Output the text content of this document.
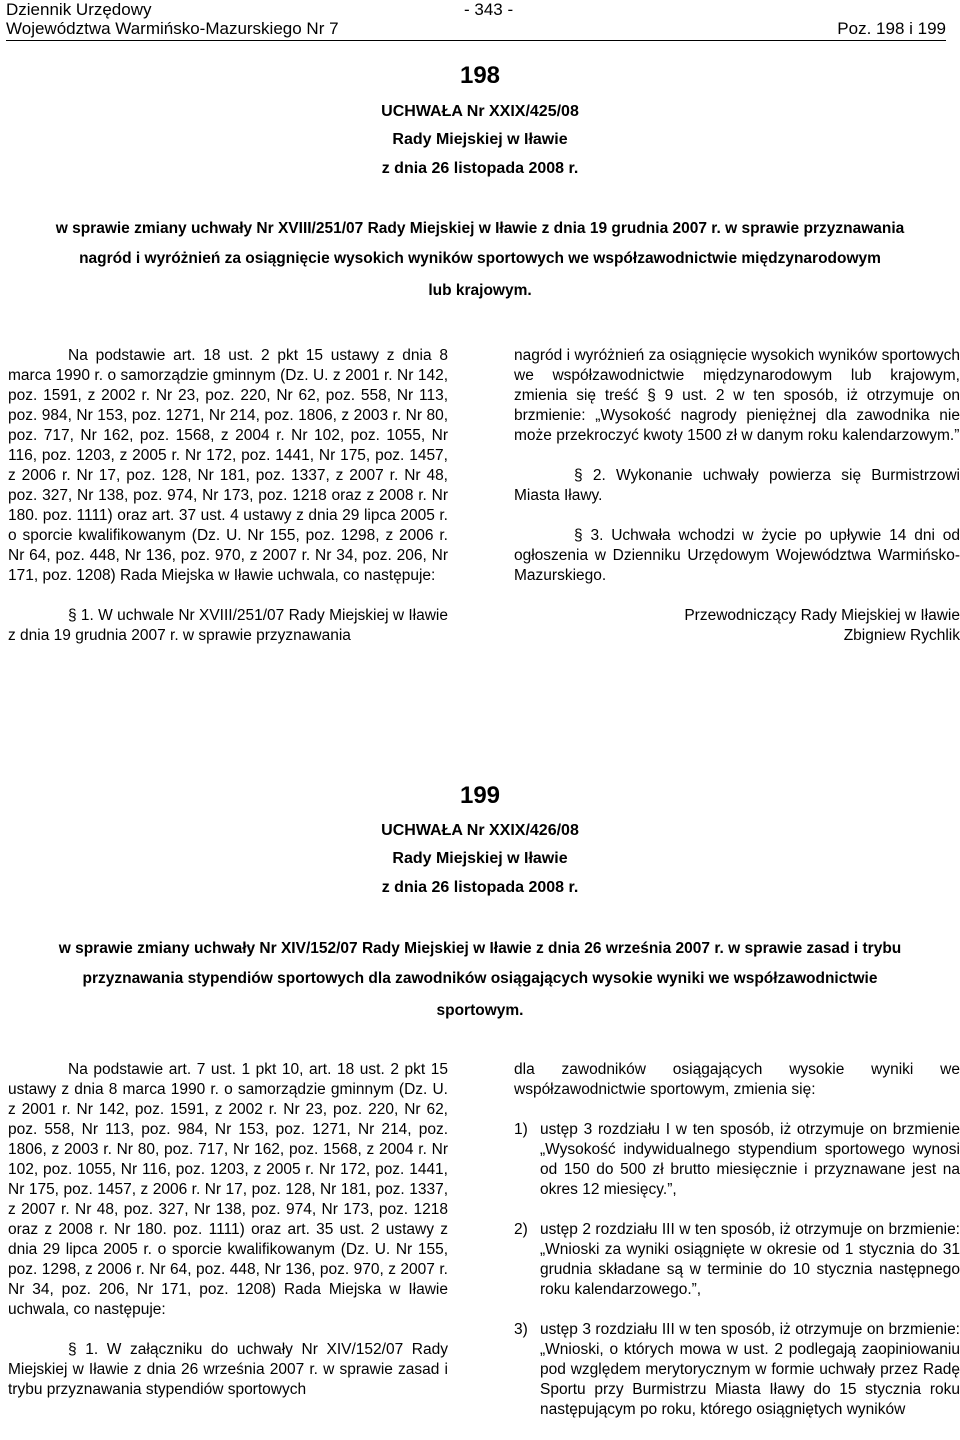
Dziennik Urzędowy
Województwa Warmińsko-Mazurskiego Nr 7
- 343 -
Poz. 198 i 199
198
UCHWAŁA Nr XXIX/425/08
Rady Miejskiej w Iławie
z dnia 26 listopada 2008 r.
w sprawie zmiany uchwały Nr XVIII/251/07 Rady Miejskiej w Iławie z dnia 19 grudnia 2007 r. w sprawie przyznawania
nagród i wyróżnień za osiągnięcie wysokich wyników sportowych we współzawodnictwie międzynarodowym
lub krajowym.

Na podstawie art. 18 ust. 2 pkt 15 ustawy z dnia 8 marca 1990 r. o samorządzie gminnym (Dz. U. z 2001 r. Nr 142, poz. 1591, z 2002 r. Nr 23, poz. 220, Nr 62, poz. 558, Nr 113, poz. 984, Nr 153, poz. 1271, Nr 214, poz. 1806, z 2003 r. Nr 80, poz. 717, Nr 162, poz. 1568, z 2004 r. Nr 102, poz. 1055, Nr 116, poz. 1203, z 2005 r. Nr 172, poz. 1441, Nr 175, poz. 1457, z 2006 r. Nr 17, poz. 128, Nr 181, poz. 1337, z 2007 r. Nr 48, poz. 327, Nr 138, poz. 974, Nr 173, poz. 1218 oraz z 2008 r. Nr 180. poz. 1111) oraz art. 37 ust. 4 ustawy z dnia 29 lipca 2005 r. o sporcie kwalifikowanym (Dz. U. Nr 155, poz. 1298, z 2006 r. Nr 64, poz. 448, Nr 136, poz. 970, z 2007 r. Nr 34, poz. 206, Nr 171, poz. 1208) Rada Miejska w Iławie uchwala, co następuje:

§ 1. W uchwale Nr XVIII/251/07 Rady Miejskiej w Iławie z dnia 19 grudnia 2007 r. w sprawie przyznawania

nagród i wyróżnień za osiągnięcie wysokich wyników sportowych we współzawodnictwie międzynarodowym lub krajowym, zmienia się treść § 9 ust. 2 w ten sposób, iż otrzymuje on brzmienie: „Wysokość nagrody pieniężnej dla zawodnika nie może przekroczyć kwoty 1500 zł w danym roku kalendarzowym.”

§ 2. Wykonanie uchwały powierza się Burmistrzowi Miasta Iławy.

§ 3. Uchwała wchodzi w życie po upływie 14 dni od ogłoszenia w Dzienniku Urzędowym Województwa Warmińsko-Mazurskiego.

Przewodniczący Rady Miejskiej w Iławie

Zbigniew Rychlik

199
UCHWAŁA Nr XXIX/426/08
Rady Miejskiej w Iławie
z dnia 26 listopada 2008 r.
w sprawie zmiany uchwały Nr XIV/152/07 Rady Miejskiej w Iławie z dnia 26 września 2007 r. w sprawie zasad i trybu
przyznawania stypendiów sportowych dla zawodników osiągających wysokie wyniki we współzawodnictwie
sportowym.

Na podstawie art. 7 ust. 1 pkt 10, art. 18 ust. 2 pkt 15 ustawy z dnia 8 marca 1990 r. o samorządzie gminnym (Dz. U. z 2001 r. Nr 142, poz. 1591, z 2002 r. Nr 23, poz. 220, Nr 62, poz. 558, Nr 113, poz. 984, Nr 153, poz. 1271, Nr 214, poz. 1806, z 2003 r. Nr 80, poz. 717, Nr 162, poz. 1568, z 2004 r. Nr 102, poz. 1055, Nr 116, poz. 1203, z 2005 r. Nr 172, poz. 1441, Nr 175, poz. 1457, z 2006 r. Nr 17, poz. 128, Nr 181, poz. 1337, z 2007 r. Nr 48, poz. 327, Nr 138, poz. 974, Nr 173, poz. 1218 oraz z 2008 r. Nr 180. poz. 1111) oraz art. 35 ust. 2 ustawy z dnia 29 lipca 2005 r. o sporcie kwalifikowanym (Dz. U. Nr 155, poz. 1298, z 2006 r. Nr 64, poz. 448, Nr 136, poz. 970, z 2007 r. Nr 34, poz. 206, Nr 171, poz. 1208) Rada Miejska w Iławie uchwala, co następuje:

§ 1. W załączniku do uchwały Nr XIV/152/07 Rady Miejskiej w Iławie z dnia 26 września 2007 r. w sprawie zasad i trybu przyznawania stypendiów sportowych

dla zawodników osiągających wysokie wyniki we współzawodnictwie sportowym, zmienia się:

1) ustęp 3 rozdziału I w ten sposób, iż otrzymuje on brzmienie „Wysokość indywidualnego stypendium sportowego wynosi od 150 do 500 zł brutto miesięcznie i przyznawane jest na okres 12 miesięcy.”,

2) ustęp 2 rozdziału III w ten sposób, iż otrzymuje on brzmienie: „Wnioski za wyniki osiągnięte w okresie od 1 stycznia do 31 grudnia składane są w terminie do 10 stycznia następnego roku kalendarzowego.”,

3) ustęp 3 rozdziału III w ten sposób, iż otrzymuje on brzmienie: „Wnioski, o których mowa w ust. 2 podlegają zaopiniowaniu pod względem merytorycznym w formie uchwały przez Radę Sportu przy Burmistrzu Miasta Iławy do 15 stycznia roku następującym po roku, którego osiągniętych wyników
